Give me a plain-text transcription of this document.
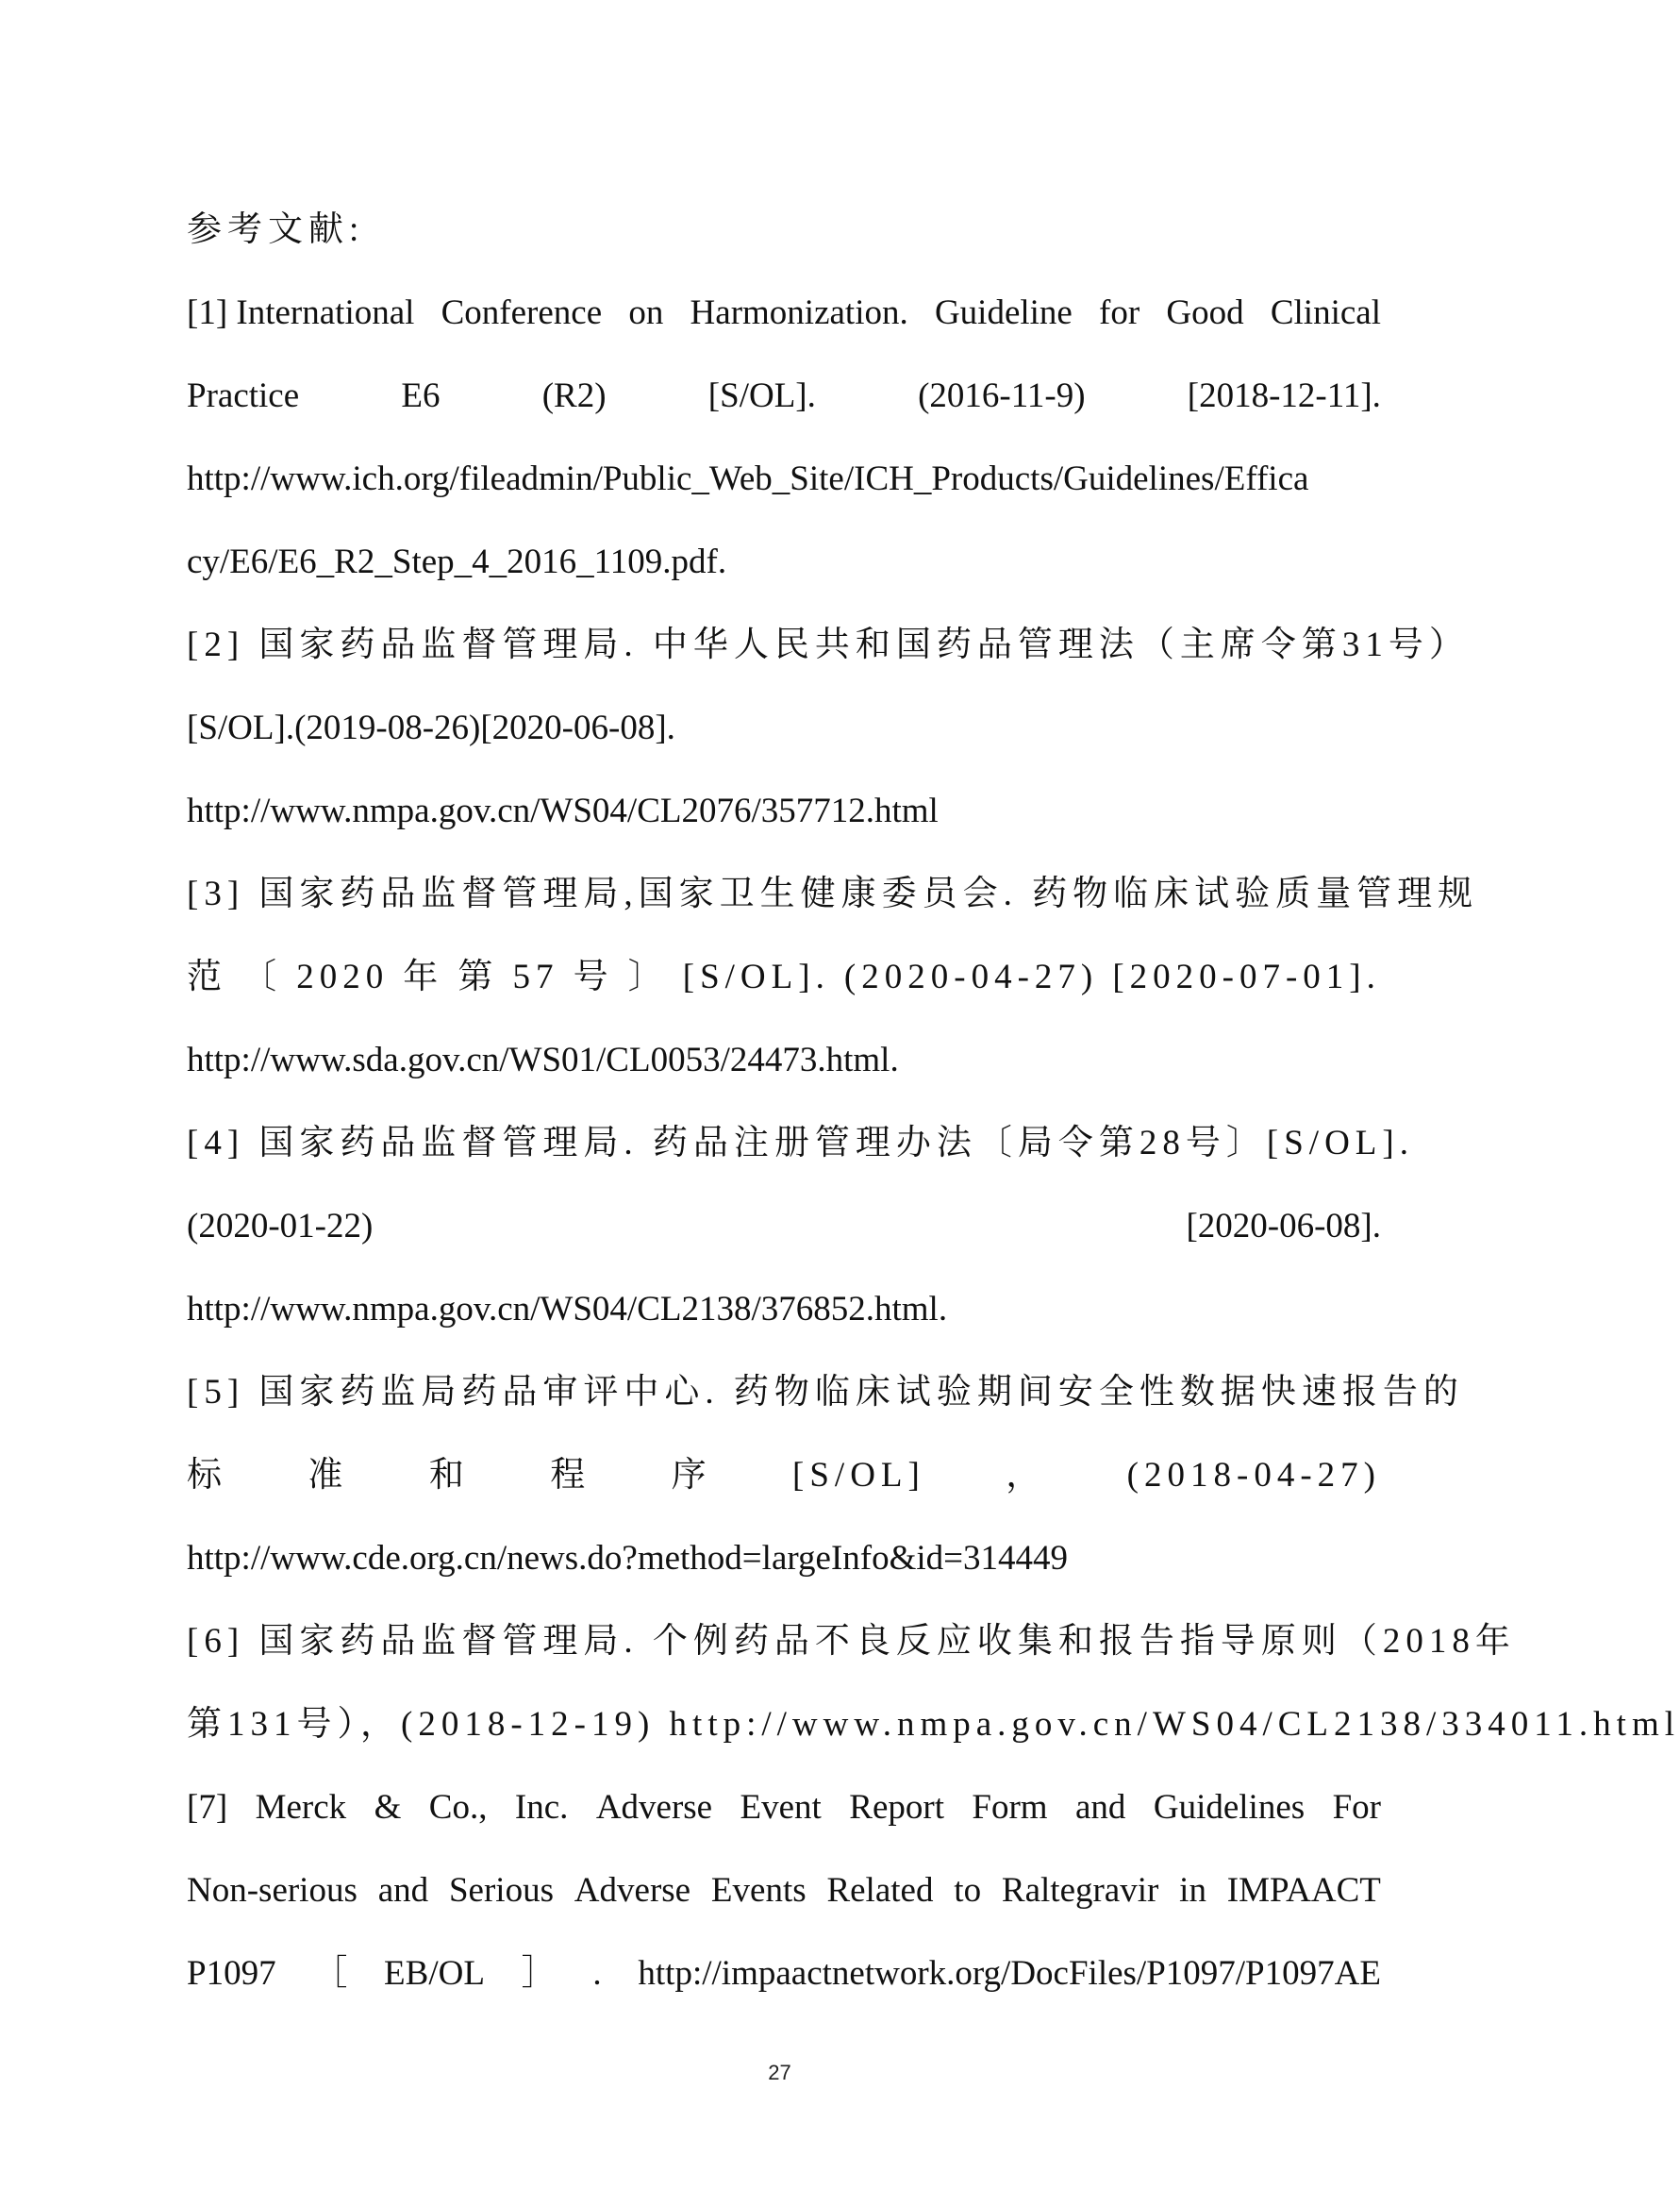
参考文献:
[1] International Conference on Harmonization. Guideline for Good Clinical
Practice	E6	(R2)	[S/OL].	(2016-11-9)	[2018-12-11].
http://www.ich.org/fileadmin/Public_Web_Site/ICH_Products/Guidelines/Effica
cy/E6/E6_R2_Step_4_2016_1109.pdf.
[2] 国家药品监督管理局. 中华人民共和国药品管理法（主席令第31号）
[S/OL].(2019-08-26)[2020-06-08].
http://www.nmpa.gov.cn/WS04/CL2076/357712.html
[3] 国家药品监督管理局,国家卫生健康委员会. 药物临床试验质量管理规
范 〔 2020 年 第 57 号 〕 [S/OL]. (2020-04-27) [2020-07-01].
http://www.sda.gov.cn/WS01/CL0053/24473.html.
[4] 国家药品监督管理局. 药品注册管理办法〔局令第28号〕[S/OL].
(2020-01-22)	[2020-06-08].
http://www.nmpa.gov.cn/WS04/CL2138/376852.html.
[5] 国家药监局药品审评中心. 药物临床试验期间安全性数据快速报告的
标 准 和 程 序 [S/OL] ， (2018-04-27)
http://www.cde.org.cn/news.do?method=largeInfo&id=314449
[6] 国家药品监督管理局. 个例药品不良反应收集和报告指导原则（2018年
第131号），(2018-12-19) http://www.nmpa.gov.cn/WS04/CL2138/334011.html
[7] Merck & Co., Inc. Adverse Event Report Form and Guidelines For
Non-serious and Serious Adverse Events Related to Raltegravir in IMPAACT
P1097 ［ EB/OL ］ . http://impaactnetwork.org/DocFiles/P1097/P1097AE
27
